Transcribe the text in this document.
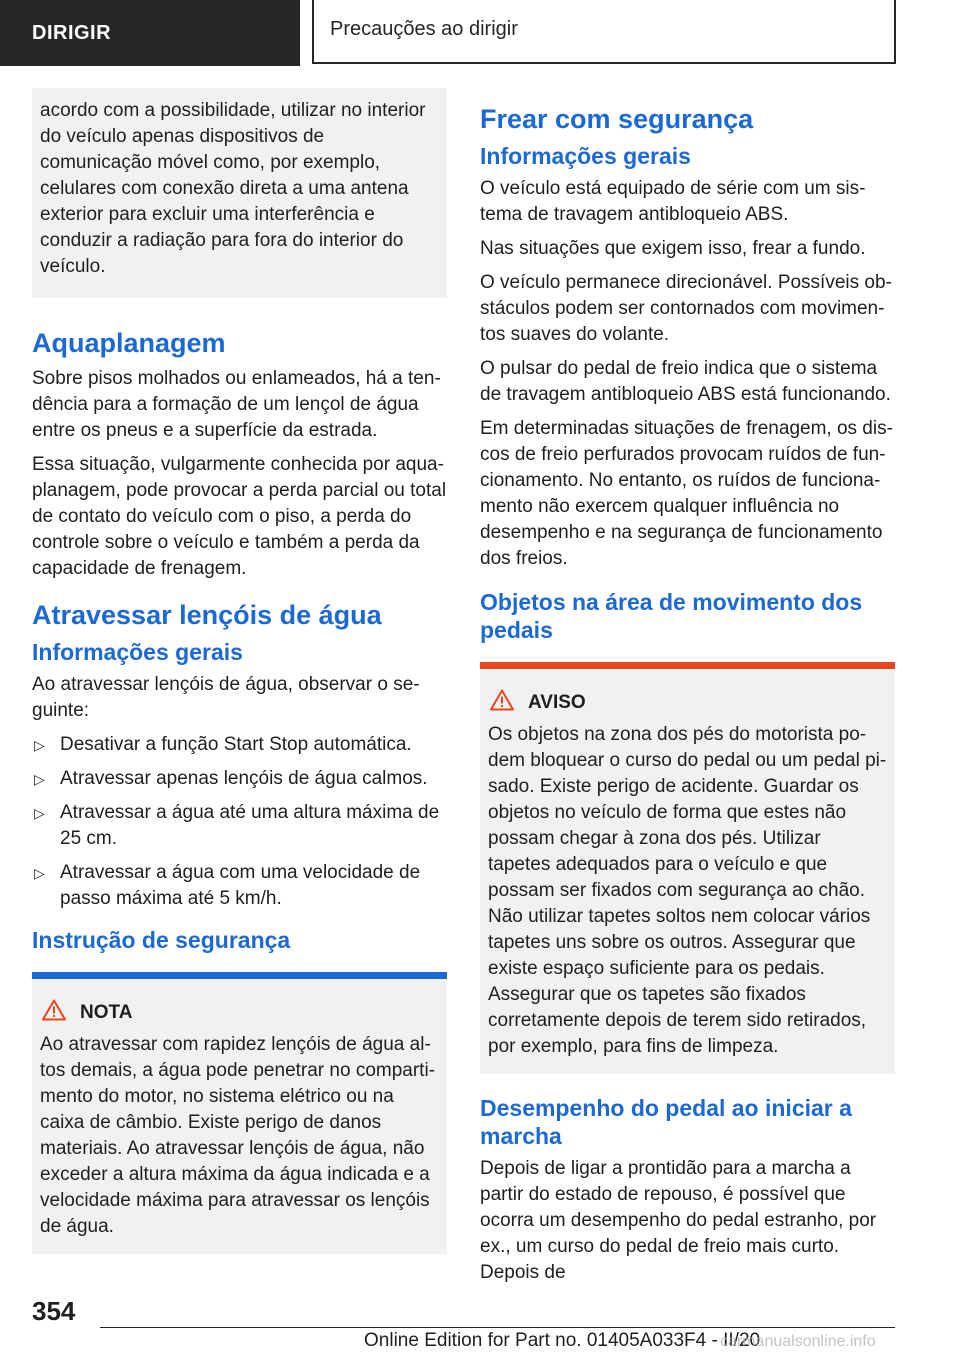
DIRIGIR	Precauções ao dirigir

acordo com a possibilidade, utilizar no interior do veículo apenas dispositivos de comunicação móvel como, por exemplo, celulares com conexão direta a uma antena exterior para excluir uma interferência e conduzir a radiação para fora do interior do veículo.

Aquaplanagem

Sobre pisos molhados ou enlameados, há a tendência para a formação de um lençol de água entre os pneus e a superfície da estrada.

Essa situação, vulgarmente conhecida por aquaplanagem, pode provocar a perda parcial ou total de contato do veículo com o piso, a perda do controle sobre o veículo e também a perda da capacidade de frenagem.

Atravessar lençóis de água
Informações gerais

Ao atravessar lençóis de água, observar o seguinte:

▷ Desativar a função Start Stop automática.
▷ Atravessar apenas lençóis de água calmos.
▷ Atravessar a água até uma altura máxima de 25 cm.
▷ Atravessar a água com uma velocidade de passo máxima até 5 km/h.
Instrução de segurança
NOTA

Ao atravessar com rapidez lençóis de água altos demais, a água pode penetrar no compartimento do motor, no sistema elétrico ou na caixa de câmbio. Existe perigo de danos materiais. Ao atravessar lençóis de água, não exceder a altura máxima da água indicada e a velocidade máxima para atravessar os lençóis de água.

Frear com segurança
Informações gerais

O veículo está equipado de série com um sistema de travagem antibloqueio ABS.

Nas situações que exigem isso, frear a fundo.

O veículo permanece direcionável. Possíveis obstáculos podem ser contornados com movimentos suaves do volante.

O pulsar do pedal de freio indica que o sistema de travagem antibloqueio ABS está funcionando.

Em determinadas situações de frenagem, os discos de freio perfurados provocam ruídos de funcionamento. No entanto, os ruídos de funcionamento não exercem qualquer influência no desempenho e na segurança de funcionamento dos freios.

Objetos na área de movimento dos pedais
AVISO

Os objetos na zona dos pés do motorista podem bloquear o curso do pedal ou um pedal pisado. Existe perigo de acidente. Guardar os objetos no veículo de forma que estes não possam chegar à zona dos pés. Utilizar tapetes adequados para o veículo e que possam ser fixados com segurança ao chão. Não utilizar tapetes soltos nem colocar vários tapetes uns sobre os outros. Assegurar que existe espaço suficiente para os pedais. Assegurar que os tapetes são fixados corretamente depois de terem sido retirados, por exemplo, para fins de limpeza.

Desempenho do pedal ao iniciar a marcha

Depois de ligar a prontidão para a marcha a partir do estado de repouso, é possível que ocorra um desempenho do pedal estranho, por ex., um curso do pedal de freio mais curto. Depois de

354
Online Edition for Part no. 01405A033F4 - II/20
carmanualsonline.info
